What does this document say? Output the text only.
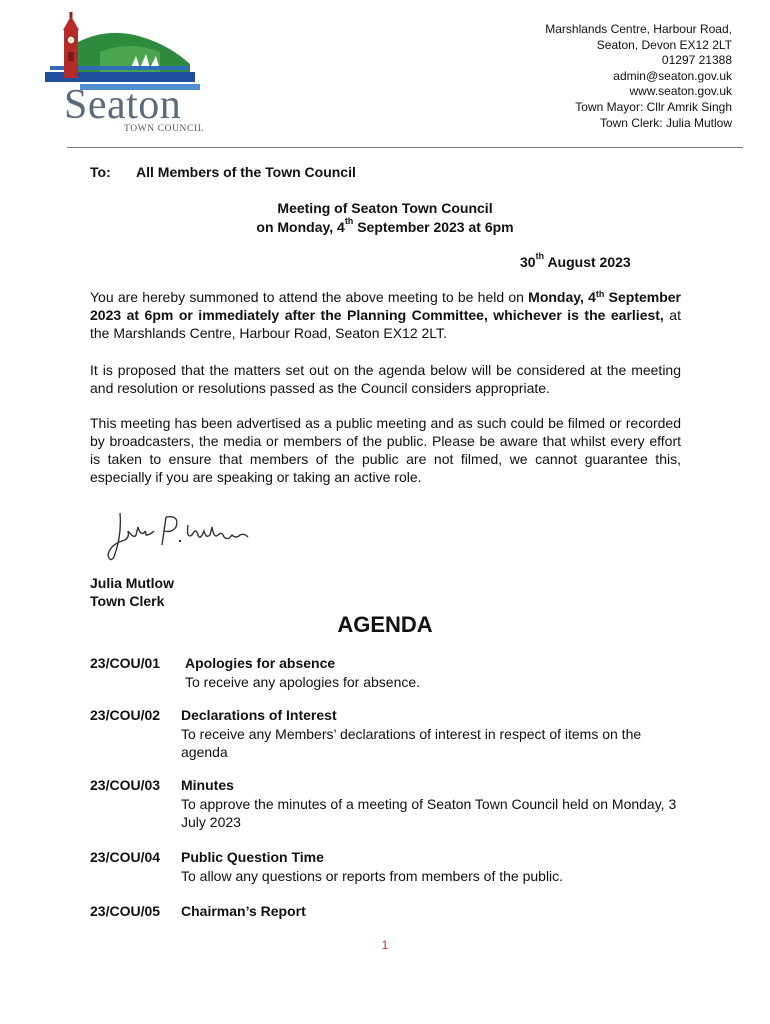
Seaton
TOWN COUNCIL
Marshlands Centre, Harbour Road,
Seaton, Devon EX12 2LT
01297 21388
admin@seaton.gov.uk
www.seaton.gov.uk
Town Mayor: Cllr Amrik Singh
Town Clerk: Julia Mutlow
To: All Members of the Town Council
Meeting of Seaton Town Council
on Monday, 4th September 2023 at 6pm
30th August 2023
You are hereby summoned to attend the above meeting to be held on Monday, 4th September 2023 at 6pm or immediately after the Planning Committee, whichever is the earliest, at the Marshlands Centre, Harbour Road, Seaton EX12 2LT.
It is proposed that the matters set out on the agenda below will be considered at the meeting and resolution or resolutions passed as the Council considers appropriate.
This meeting has been advertised as a public meeting and as such could be filmed or recorded by broadcasters, the media or members of the public. Please be aware that whilst every effort is taken to ensure that members of the public are not filmed, we cannot guarantee this, especially if you are speaking or taking an active role.
Julia Mutlow
Town Clerk
AGENDA
23/COU/01 Apologies for absence
To receive any apologies for absence.
23/COU/02 Declarations of Interest
To receive any Members’ declarations of interest in respect of items on the agenda
23/COU/03 Minutes
To approve the minutes of a meeting of Seaton Town Council held on Monday, 3 July 2023
23/COU/04 Public Question Time
To allow any questions or reports from members of the public.
23/COU/05 Chairman’s Report
1
